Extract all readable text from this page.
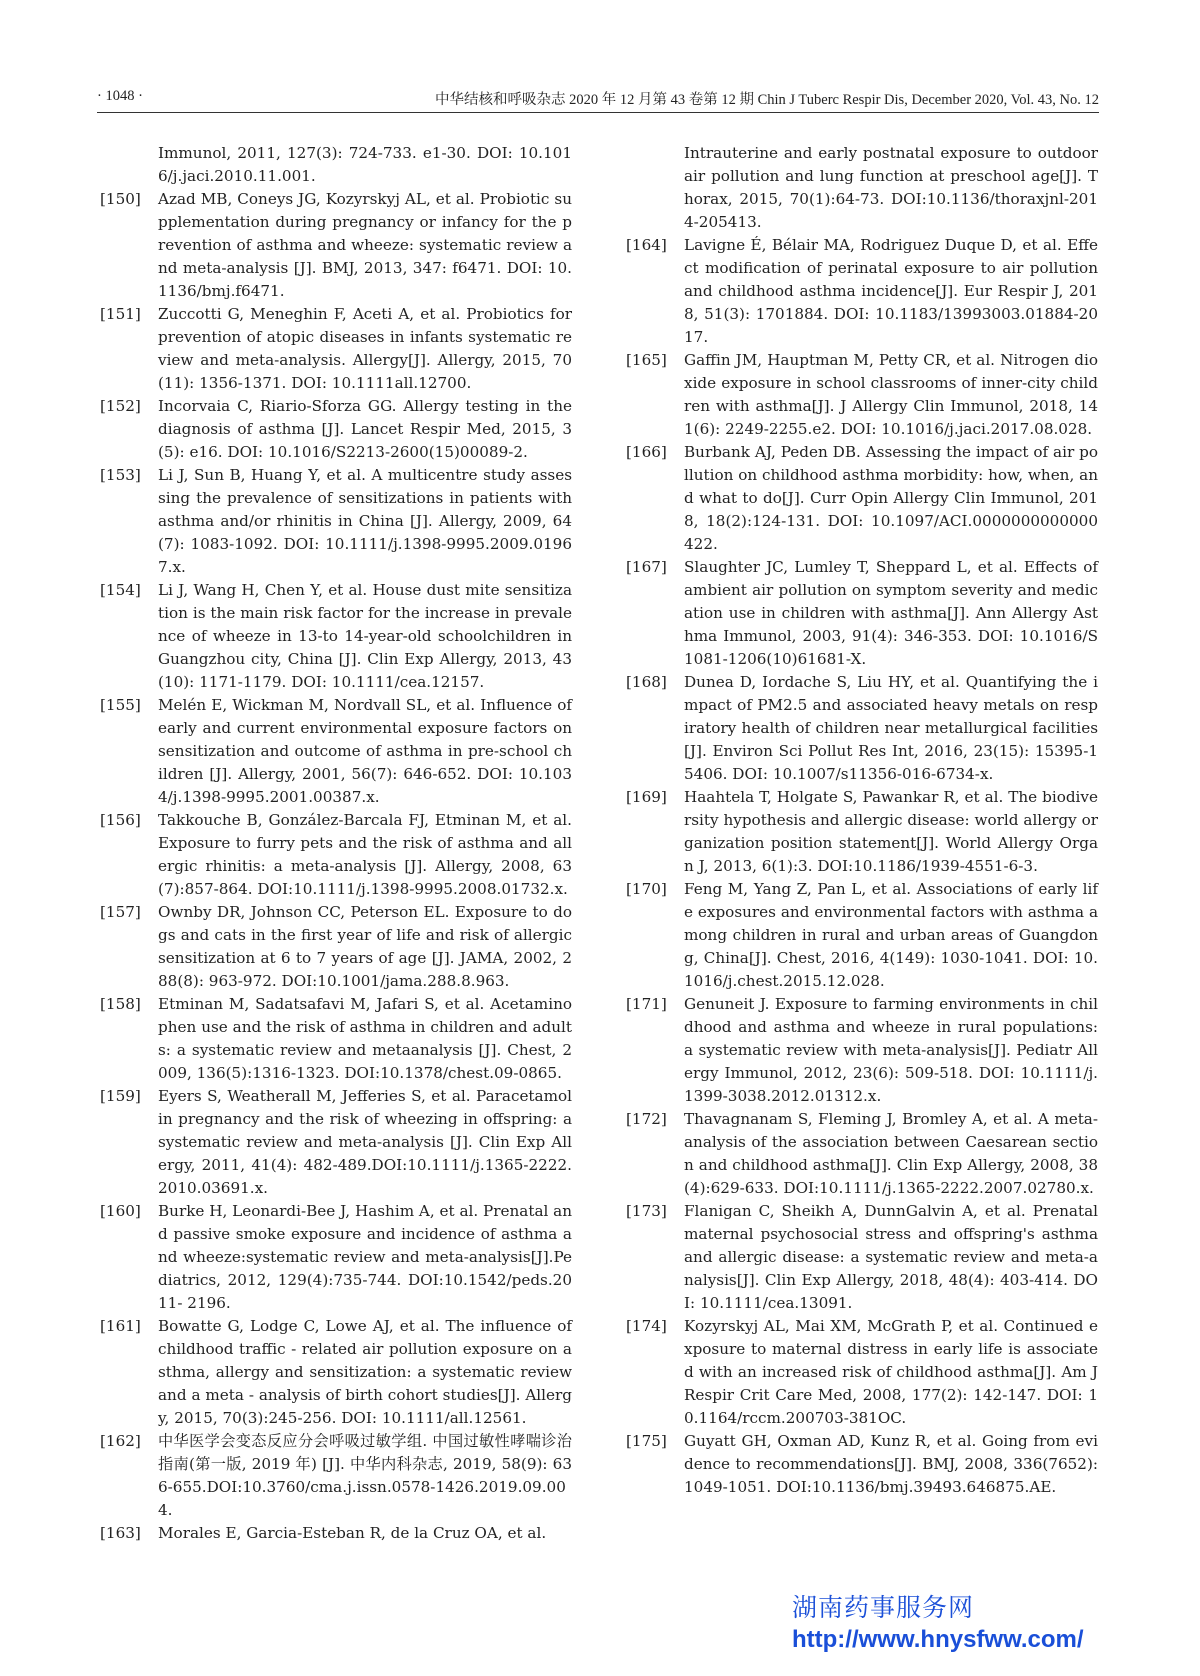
· 1048 ·	中华结核和呼吸杂志 2020 年 12 月第 43 卷第 12 期 Chin J Tuberc Respir Dis, December 2020, Vol. 43, No. 12
Immunol, 2011, 127(3): 724-733. e1-30. DOI: 10.1016/j.jaci.2010.11.001.
[150] Azad MB, Coneys JG, Kozyrskyj AL, et al. Probiotic supplementation during pregnancy or infancy for the prevention of asthma and wheeze: systematic review and meta-analysis [J]. BMJ, 2013, 347: f6471. DOI: 10.1136/bmj.f6471.
[151] Zuccotti G, Meneghin F, Aceti A, et al. Probiotics for prevention of atopic diseases in infants systematic review and meta-analysis. Allergy[J]. Allergy, 2015, 70(11): 1356-1371. DOI: 10.1111all.12700.
[152] Incorvaia C, Riario-Sforza GG. Allergy testing in the diagnosis of asthma [J]. Lancet Respir Med, 2015, 3(5): e16. DOI: 10.1016/S2213-2600(15)00089-2.
[153] Li J, Sun B, Huang Y, et al. A multicentre study assessing the prevalence of sensitizations in patients with asthma and/or rhinitis in China [J]. Allergy, 2009, 64(7): 1083-1092. DOI: 10.1111/j.1398-9995.2009.01967.x.
[154] Li J, Wang H, Chen Y, et al. House dust mite sensitization is the main risk factor for the increase in prevalence of wheeze in 13-to 14-year-old schoolchildren in Guangzhou city, China [J]. Clin Exp Allergy, 2013, 43(10): 1171-1179. DOI: 10.1111/cea.12157.
[155] Melén E, Wickman M, Nordvall SL, et al. Influence of early and current environmental exposure factors on sensitization and outcome of asthma in pre-school children [J]. Allergy, 2001, 56(7): 646-652. DOI: 10.1034/j.1398-9995.2001.00387.x.
[156] Takkouche B, González-Barcala FJ, Etminan M, et al. Exposure to furry pets and the risk of asthma and allergic rhinitis: a meta-analysis [J]. Allergy, 2008, 63(7):857-864. DOI:10.1111/j.1398-9995.2008.01732.x.
[157] Ownby DR, Johnson CC, Peterson EL. Exposure to dogs and cats in the first year of life and risk of allergic sensitization at 6 to 7 years of age [J]. JAMA, 2002, 288(8): 963-972. DOI:10.1001/jama.288.8.963.
[158] Etminan M, Sadatsafavi M, Jafari S, et al. Acetaminophen use and the risk of asthma in children and adults: a systematic review and metaanalysis [J]. Chest, 2009, 136(5):1316-1323. DOI:10.1378/chest.09-0865.
[159] Eyers S, Weatherall M, Jefferies S, et al. Paracetamol in pregnancy and the risk of wheezing in offspring: a systematic review and meta-analysis [J]. Clin Exp Allergy, 2011, 41(4): 482-489.DOI:10.1111/j.1365-2222.2010.03691.x.
[160] Burke H, Leonardi-Bee J, Hashim A, et al. Prenatal and passive smoke exposure and incidence of asthma and wheeze:systematic review and meta-analysis[J].Pediatrics, 2012, 129(4):735-744. DOI:10.1542/peds.2011- 2196.
[161] Bowatte G, Lodge C, Lowe AJ, et al. The influence of childhood traffic - related air pollution exposure on asthma, allergy and sensitization: a systematic review and a meta - analysis of birth cohort studies[J]. Allergy, 2015, 70(3):245-256. DOI: 10.1111/all.12561.
[162] 中华医学会变态反应分会呼吸过敏学组. 中国过敏性哮喘诊治指南(第一版, 2019 年) [J]. 中华内科杂志, 2019, 58(9): 636-655.DOI:10.3760/cma.j.issn.0578-1426.2019.09.004.
[163] Morales E, Garcia-Esteban R, de la Cruz OA, et al.
Intrauterine and early postnatal exposure to outdoor air pollution and lung function at preschool age[J]. Thorax, 2015, 70(1):64-73. DOI:10.1136/thoraxjnl-2014-205413.
[164] Lavigne É, Bélair MA, Rodriguez Duque D, et al. Effect modification of perinatal exposure to air pollution and childhood asthma incidence[J]. Eur Respir J, 2018, 51(3): 1701884. DOI: 10.1183/13993003.01884-2017.
[165] Gaffin JM, Hauptman M, Petty CR, et al. Nitrogen dioxide exposure in school classrooms of inner-city children with asthma[J]. J Allergy Clin Immunol, 2018, 141(6): 2249-2255.e2. DOI: 10.1016/j.jaci.2017.08.028.
[166] Burbank AJ, Peden DB. Assessing the impact of air pollution on childhood asthma morbidity: how, when, and what to do[J]. Curr Opin Allergy Clin Immunol, 2018, 18(2):124-131. DOI: 10.1097/ACI.0000000000000422.
[167] Slaughter JC, Lumley T, Sheppard L, et al. Effects of ambient air pollution on symptom severity and medication use in children with asthma[J]. Ann Allergy Asthma Immunol, 2003, 91(4): 346-353. DOI: 10.1016/S1081-1206(10)61681-X.
[168] Dunea D, Iordache S, Liu HY, et al. Quantifying the impact of PM2.5 and associated heavy metals on respiratory health of children near metallurgical facilities[J]. Environ Sci Pollut Res Int, 2016, 23(15): 15395-15406. DOI: 10.1007/s11356-016-6734-x.
[169] Haahtela T, Holgate S, Pawankar R, et al. The biodiversity hypothesis and allergic disease: world allergy organization position statement[J]. World Allergy Organ J, 2013, 6(1):3. DOI:10.1186/1939-4551-6-3.
[170] Feng M, Yang Z, Pan L, et al. Associations of early life exposures and environmental factors with asthma among children in rural and urban areas of Guangdong, China[J]. Chest, 2016, 4(149): 1030-1041. DOI: 10.1016/j.chest.2015.12.028.
[171] Genuneit J. Exposure to farming environments in childhood and asthma and wheeze in rural populations: a systematic review with meta-analysis[J]. Pediatr Allergy Immunol, 2012, 23(6): 509-518. DOI: 10.1111/j.1399-3038.2012.01312.x.
[172] Thavagnanam S, Fleming J, Bromley A, et al. A meta-analysis of the association between Caesarean section and childhood asthma[J]. Clin Exp Allergy, 2008, 38(4):629-633. DOI:10.1111/j.1365-2222.2007.02780.x.
[173] Flanigan C, Sheikh A, DunnGalvin A, et al. Prenatal maternal psychosocial stress and offspring's asthma and allergic disease: a systematic review and meta-analysis[J]. Clin Exp Allergy, 2018, 48(4): 403-414. DOI: 10.1111/cea.13091.
[174] Kozyrskyj AL, Mai XM, McGrath P, et al. Continued exposure to maternal distress in early life is associated with an increased risk of childhood asthma[J]. Am J Respir Crit Care Med, 2008, 177(2): 142-147. DOI: 10.1164/rccm.200703-381OC.
[175] Guyatt GH, Oxman AD, Kunz R, et al. Going from evidence to recommendations[J]. BMJ, 2008, 336(7652): 1049-1051. DOI:10.1136/bmj.39493.646875.AE.
湖南药事服务网
http://www.hnysfww.com/
